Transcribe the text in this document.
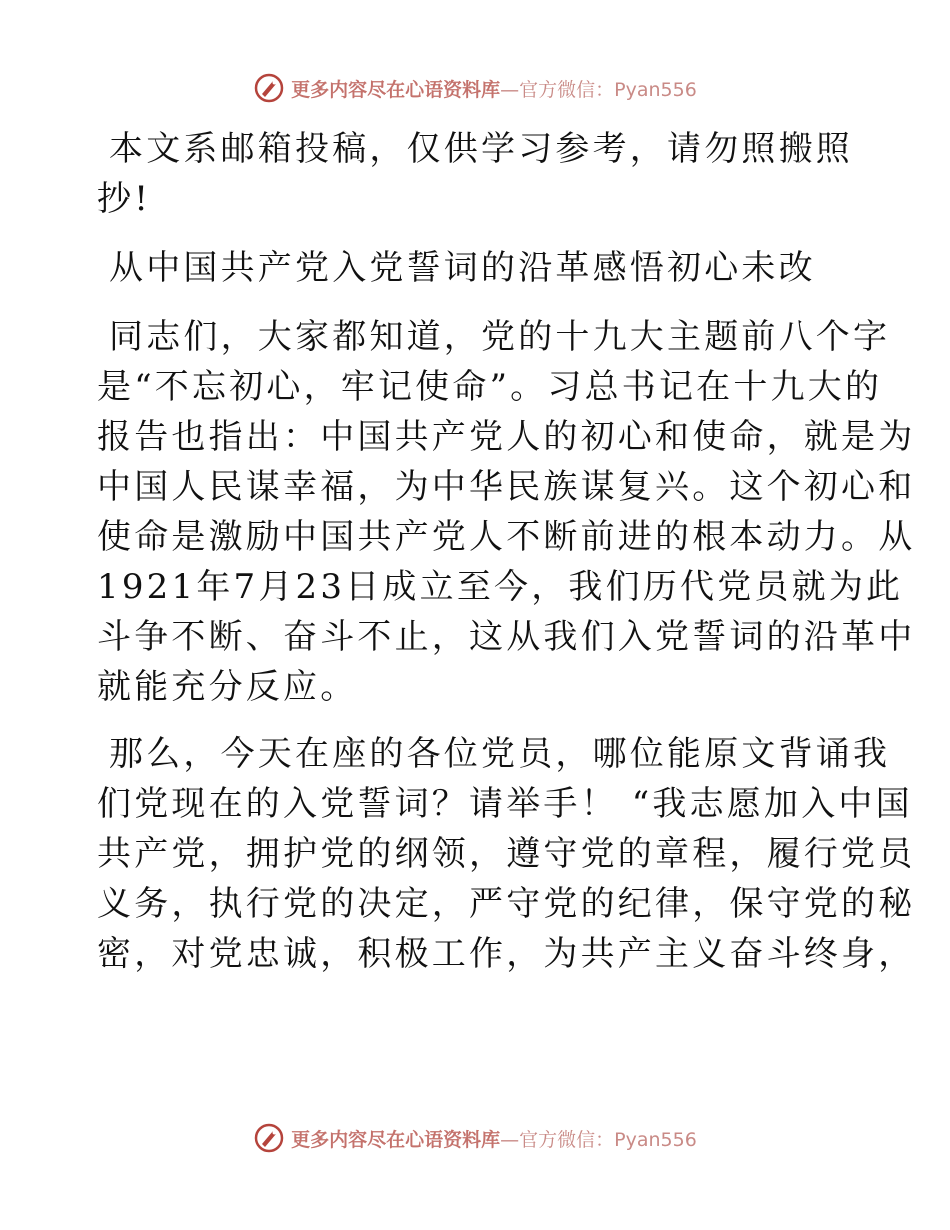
更多内容尽在心语资料库—官方微信：Pyan556

本文系邮箱投稿，仅供学习参考，请勿照搬照
抄!

从中国共产党入党誓词的沿革感悟初心未改

同志们，大家都知道，党的十九大主题前八个字
是“不忘初心，牢记使命”。习总书记在十九大的
报告也指出：中国共产党人的初心和使命，就是为
中国人民谋幸福，为中华民族谋复兴。这个初心和
使命是激励中国共产党人不断前进的根本动力。从
1921年7月23日成立至今，我们历代党员就为此
斗争不断、奋斗不止，这从我们入党誓词的沿革中
就能充分反应。

那么，今天在座的各位党员，哪位能原文背诵我
们党现在的入党誓词？请举手！ “我志愿加入中国
共产党，拥护党的纲领，遵守党的章程，履行党员
义务，执行党的决定，严守党的纪律，保守党的秘
密，对党忠诚，积极工作，为共产主义奋斗终身，

更多内容尽在心语资料库—官方微信：Pyan556
